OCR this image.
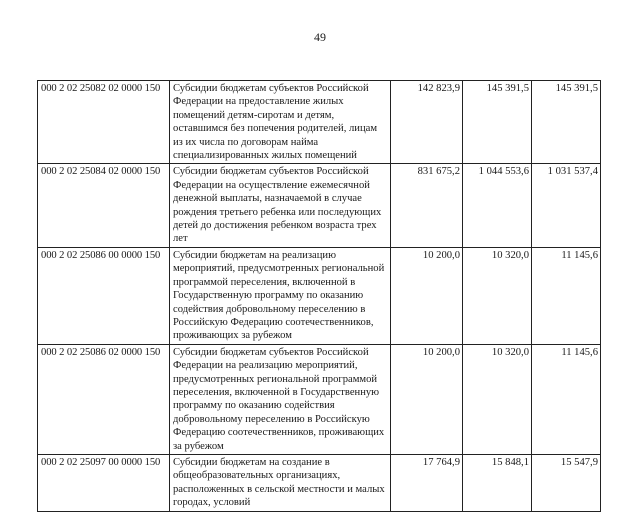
49
000 2 02 25082 02 0000 150	Субсидии бюджетам субъектов Российской Федерации на предоставление жилых помещений детям-сиротам и детям, оставшимся без попечения родителей, лицам из их числа по договорам найма специализированных жилых помещений	142 823,9	145 391,5	145 391,5
000 2 02 25084 02 0000 150	Субсидии бюджетам субъектов Российской Федерации на осуществление ежемесячной денежной выплаты, назначаемой в случае рождения третьего ребенка или последующих детей до достижения ребенком возраста трех лет	831 675,2	1 044 553,6	1 031 537,4
000 2 02 25086 00 0000 150	Субсидии бюджетам на реализацию мероприятий, предусмотренных региональной программой переселения, включенной в Государственную программу по оказанию содействия добровольному переселению в Российскую Федерацию соотечественников, проживающих за рубежом	10 200,0	10 320,0	11 145,6
000 2 02 25086 02 0000 150	Субсидии бюджетам субъектов Российской Федерации на реализацию мероприятий, предусмотренных региональной программой переселения, включенной в Государственную программу по оказанию содействия добровольному переселению в Российскую Федерацию соотечественников, проживающих за рубежом	10 200,0	10 320,0	11 145,6
000 2 02 25097 00 0000 150	Субсидии бюджетам на создание в общеобразовательных организациях, расположенных в сельской местности и малых городах, условий	17 764,9	15 848,1	15 547,9
